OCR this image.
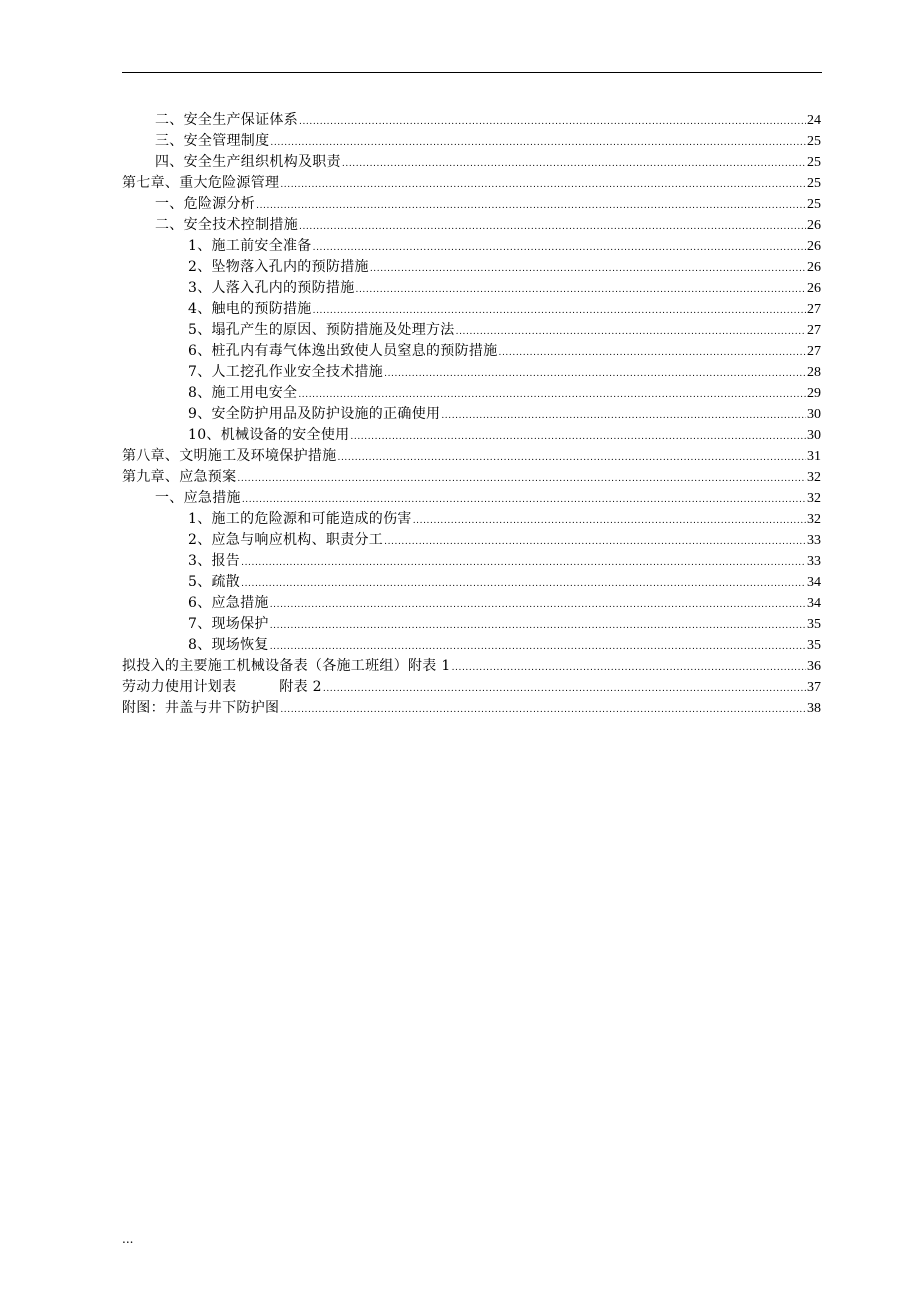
二、安全生产保证体系 .....	24
三、安全管理制度 .....	25
四、安全生产组织机构及职责 .....	25
第七章、重大危险源管理 .....	25
一、危险源分析 .....	25
二、安全技术控制措施 .....	26
1、施工前安全准备 .....	26
2、坠物落入孔内的预防措施 .....	26
3、人落入孔内的预防措施 .....	26
4、触电的预防措施 .....	27
5、塌孔产生的原因、预防措施及处理方法 .....	27
6、桩孔内有毒气体逸出致使人员窒息的预防措施 .....	27
7、人工挖孔作业安全技术措施 .....	28
8、施工用电安全 .....	29
9、安全防护用品及防护设施的正确使用 .....	30
10、机械设备的安全使用 .....	30
第八章、文明施工及环境保护措施 .....	31
第九章、应急预案 .....	32
一、应急措施 .....	32
1、施工的危险源和可能造成的伤害 .....	32
2、应急与响应机构、职责分工 .....	33
3、报告 .....	33
5、疏散 .....	34
6、应急措施 .....	34
7、现场保护 .....	35
8、现场恢复 .....	35
拟投入的主要施工机械设备表（各施工班组）附表 1 .....	36
劳动力使用计划表　　　附表 2 .....	37
附图：井盖与井下防护图 .....	38
...
